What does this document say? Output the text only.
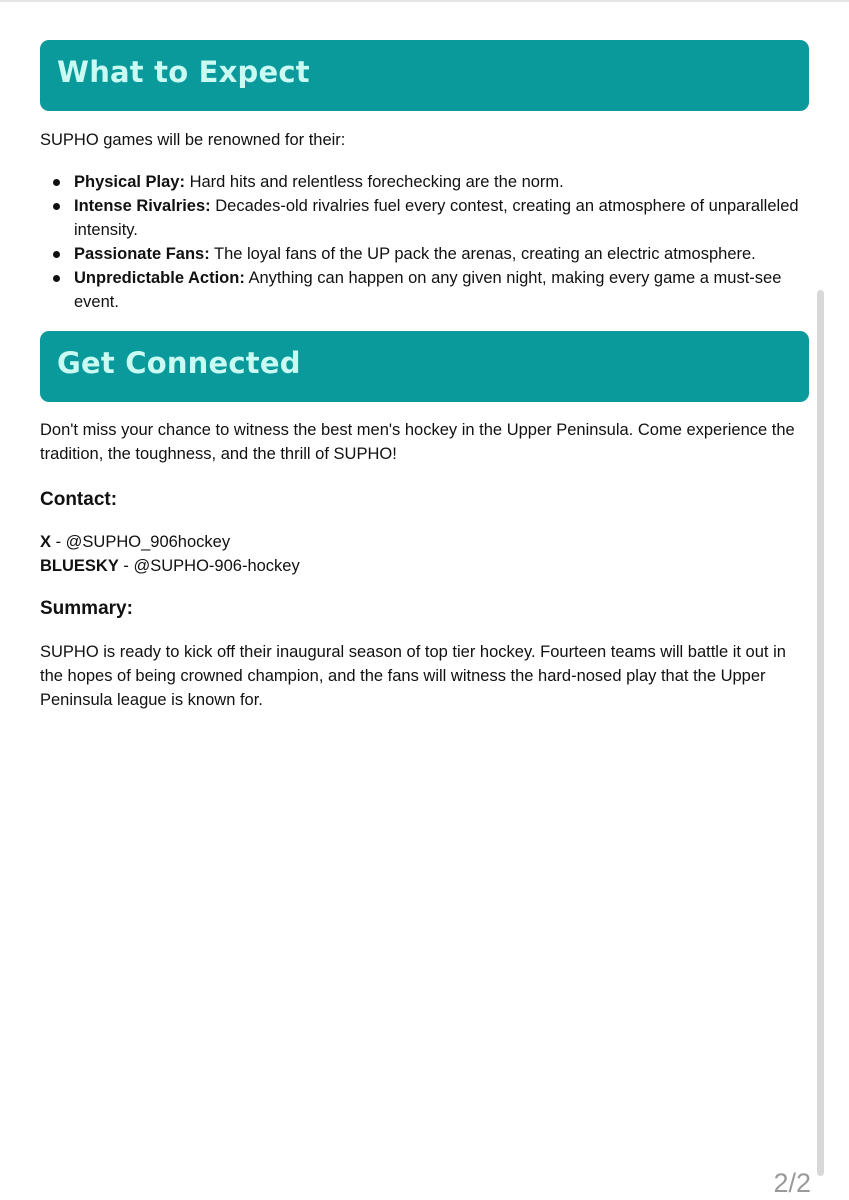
What to Expect

SUPHO games will be renowned for their:

Physical Play: Hard hits and relentless forechecking are the norm.
Intense Rivalries: Decades-old rivalries fuel every contest, creating an atmosphere of unparalleled intensity.
Passionate Fans: The loyal fans of the UP pack the arenas, creating an electric atmosphere.
Unpredictable Action: Anything can happen on any given night, making every game a must-see event.
Get Connected

Don't miss your chance to witness the best men's hockey in the Upper Peninsula. Come experience the tradition, the toughness, and the thrill of SUPHO!

Contact:
X - @SUPHO_906hockey
BLUESKY - @SUPHO-906-hockey
Summary:

SUPHO is ready to kick off their inaugural season of top tier hockey. Fourteen teams will battle it out in the hopes of being crowned champion, and the fans will witness the hard-nosed play that the Upper Peninsula league is known for.

2/2
